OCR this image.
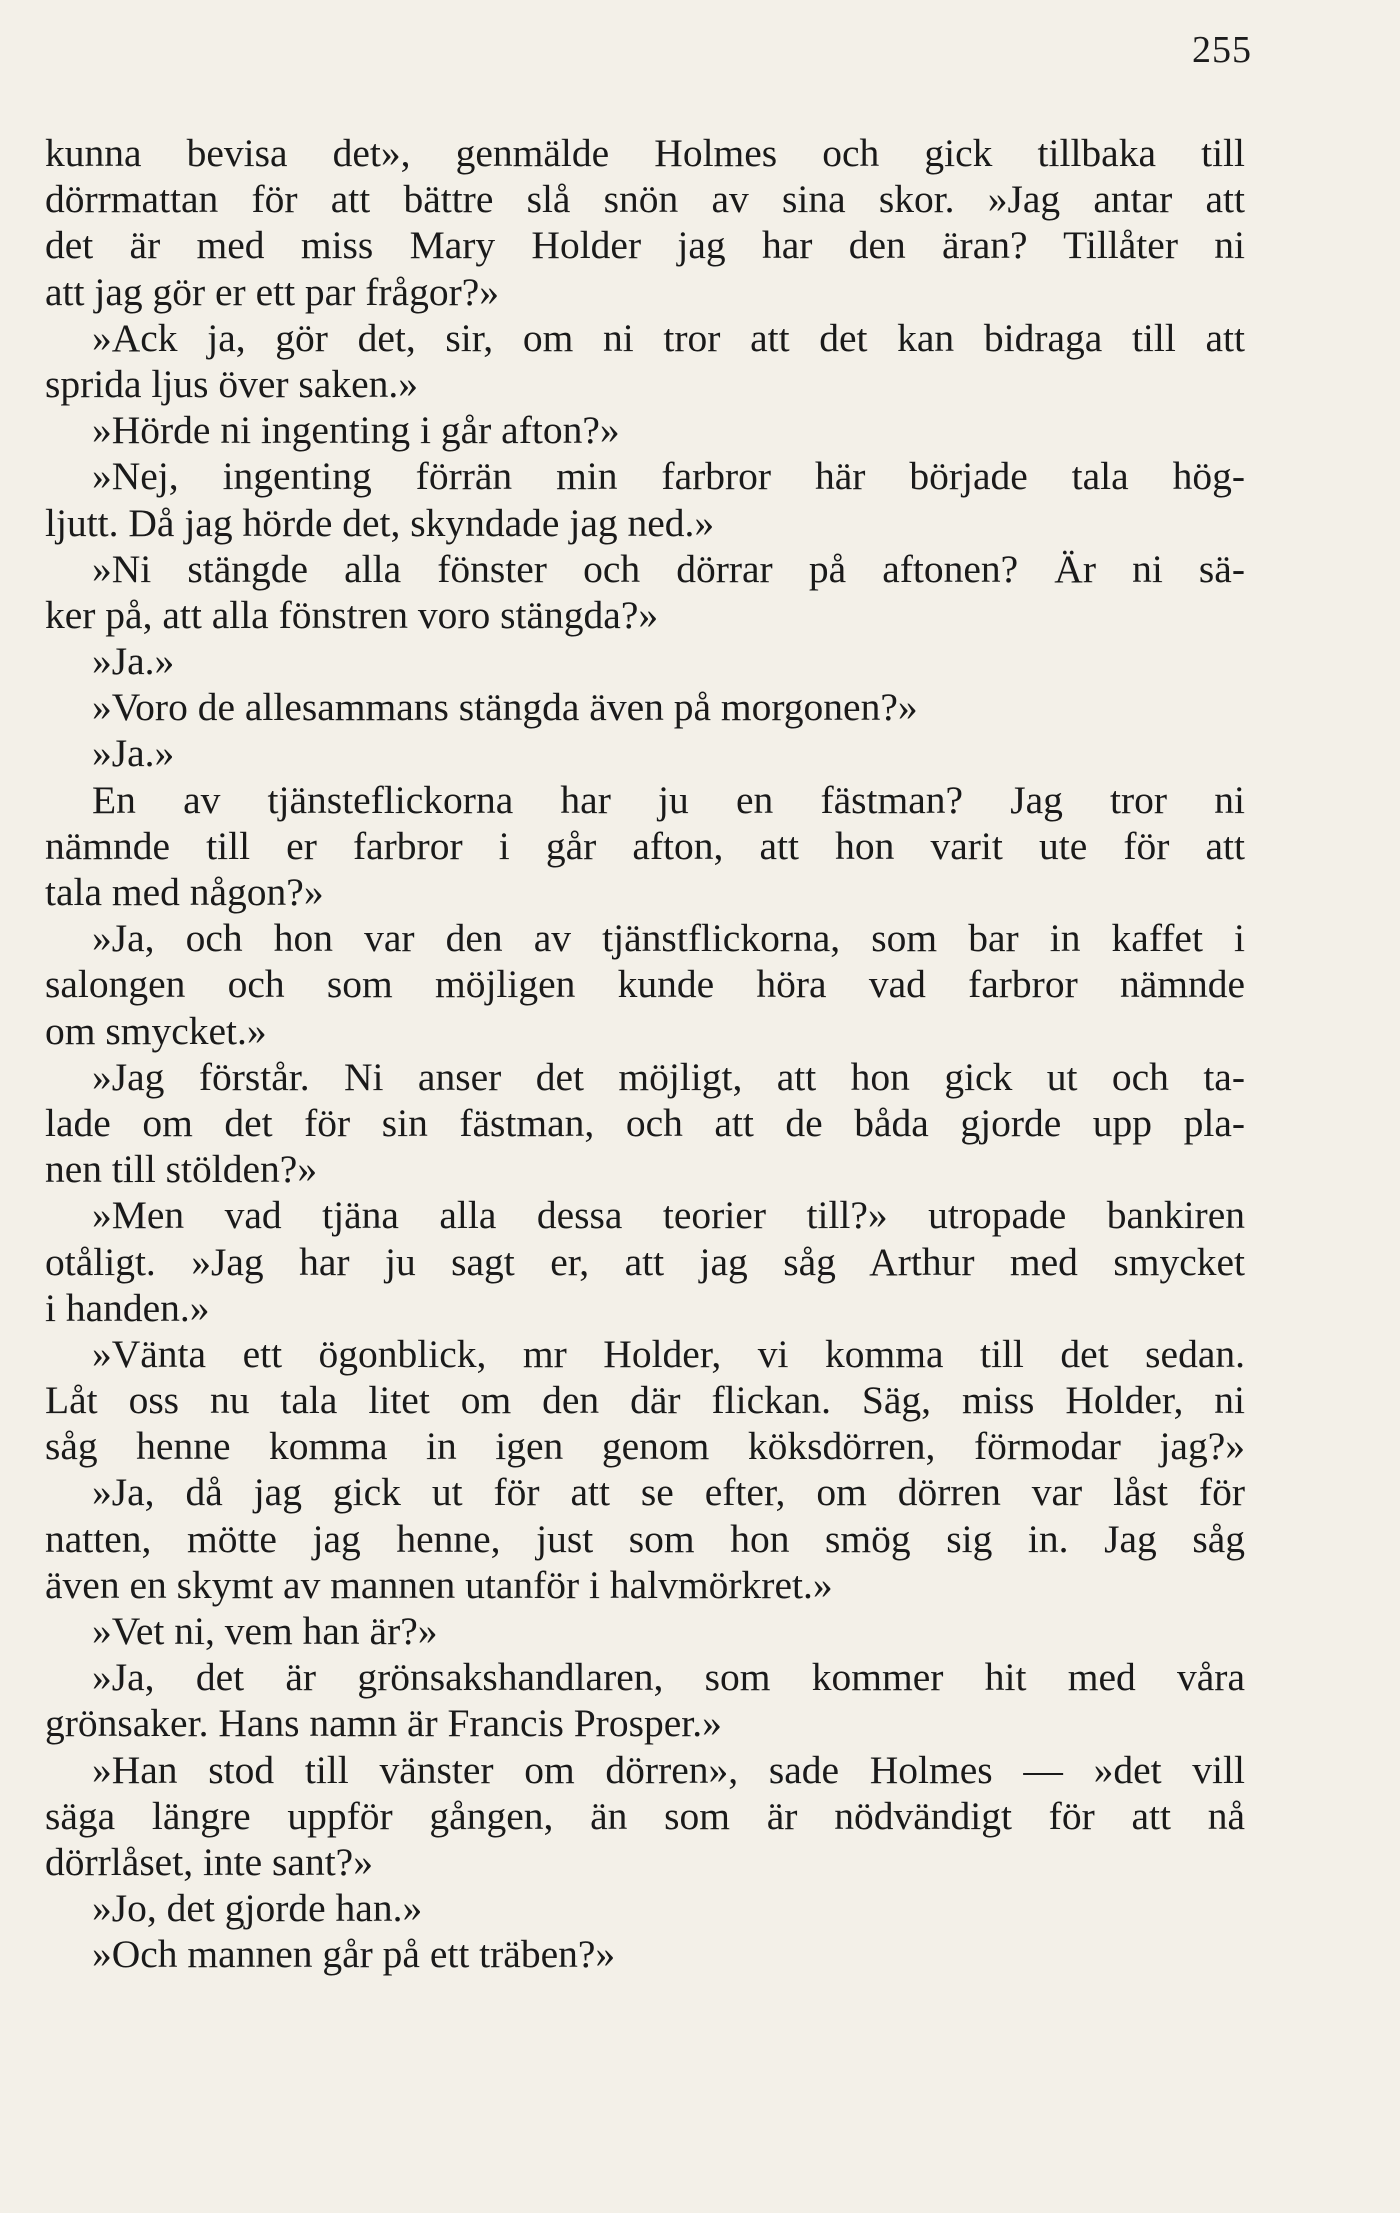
255
kunna bevisa det», genmälde Holmes och gick tillbaka till
dörrmattan för att bättre slå snön av sina skor. »Jag antar att
det är med miss Mary Holder jag har den äran? Tillåter ni
att jag gör er ett par frågor?»
»Ack ja, gör det, sir, om ni tror att det kan bidraga till att
sprida ljus över saken.»
»Hörde ni ingenting i går afton?»
»Nej, ingenting förrän min farbror här började tala hög-
ljutt. Då jag hörde det, skyndade jag ned.»
»Ni stängde alla fönster och dörrar på aftonen? Är ni sä-
ker på, att alla fönstren voro stängda?»
»Ja.»
»Voro de allesammans stängda även på morgonen?»
»Ja.»
En av tjänsteflickorna har ju en fästman? Jag tror ni
nämnde till er farbror i går afton, att hon varit ute för att
tala med någon?»
»Ja, och hon var den av tjänstflickorna, som bar in kaffet i
salongen och som möjligen kunde höra vad farbror nämnde
om smycket.»
»Jag förstår. Ni anser det möjligt, att hon gick ut och ta-
lade om det för sin fästman, och att de båda gjorde upp pla-
nen till stölden?»
»Men vad tjäna alla dessa teorier till?» utropade bankiren
otåligt. »Jag har ju sagt er, att jag såg Arthur med smycket
i handen.»
»Vänta ett ögonblick, mr Holder, vi komma till det sedan.
Låt oss nu tala litet om den där flickan. Säg, miss Holder, ni
såg henne komma in igen genom köksdörren, förmodar jag?»
»Ja, då jag gick ut för att se efter, om dörren var låst för
natten, mötte jag henne, just som hon smög sig in. Jag såg
även en skymt av mannen utanför i halvmörkret.»
»Vet ni, vem han är?»
»Ja, det är grönsakshandlaren, som kommer hit med våra
grönsaker. Hans namn är Francis Prosper.»
»Han stod till vänster om dörren», sade Holmes — »det vill
säga längre uppför gången, än som är nödvändigt för att nå
dörrlåset, inte sant?»
»Jo, det gjorde han.»
»Och mannen går på ett träben?»
